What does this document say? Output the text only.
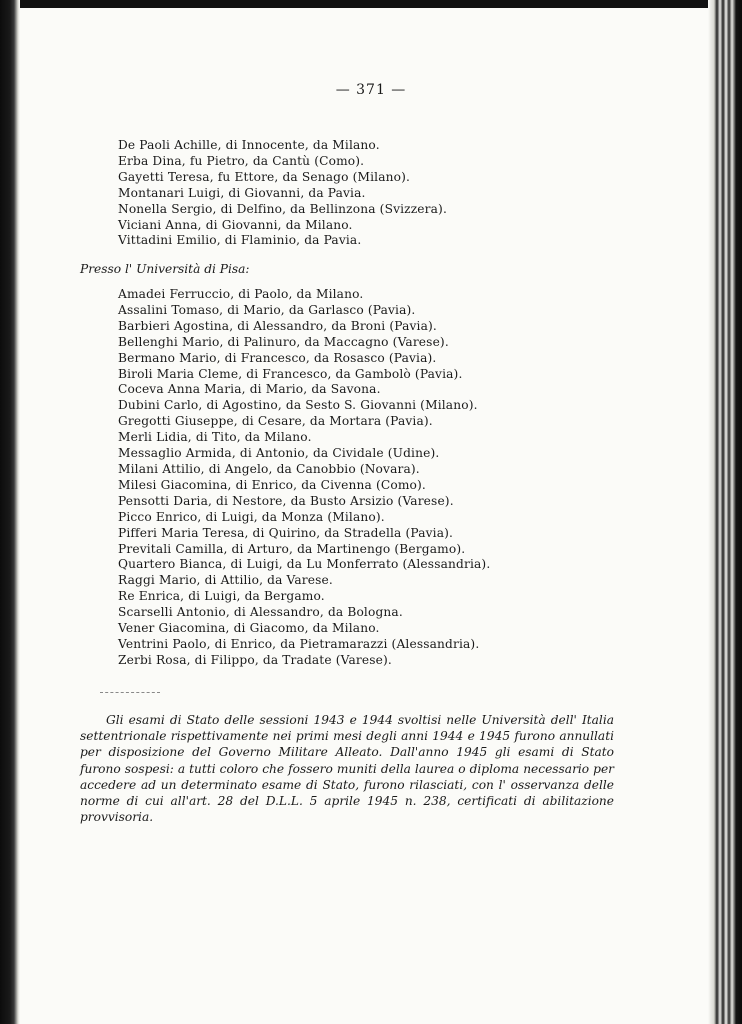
— 371 —
De Paoli Achille, di Innocente, da Milano.
Erba Dina, fu Pietro, da Cantù (Como).
Gayetti Teresa, fu Ettore, da Senago (Milano).
Montanari Luigi, di Giovanni, da Pavia.
Nonella Sergio, di Delfino, da Bellinzona (Svizzera).
Viciani Anna, di Giovanni, da Milano.
Vittadini Emilio, di Flaminio, da Pavia.
Presso l' Università di Pisa:
Amadei Ferruccio, di Paolo, da Milano.
Assalini Tomaso, di Mario, da Garlasco (Pavia).
Barbieri Agostina, di Alessandro, da Broni (Pavia).
Bellenghi Mario, di Palinuro, da Maccagno (Varese).
Bermano Mario, di Francesco, da Rosasco (Pavia).
Biroli Maria Cleme, di Francesco, da Gambolò (Pavia).
Coceva Anna Maria, di Mario, da Savona.
Dubini Carlo, di Agostino, da Sesto S. Giovanni (Milano).
Gregotti Giuseppe, di Cesare, da Mortara (Pavia).
Merli Lidia, di Tito, da Milano.
Messaglio Armida, di Antonio, da Cividale (Udine).
Milani Attilio, di Angelo, da Canobbio (Novara).
Milesi Giacomina, di Enrico, da Civenna (Como).
Pensotti Daria, di Nestore, da Busto Arsizio (Varese).
Picco Enrico, di Luigi, da Monza (Milano).
Pifferi Maria Teresa, di Quirino, da Stradella (Pavia).
Previtali Camilla, di Arturo, da Martinengo (Bergamo).
Quartero Bianca, di Luigi, da Lu Monferrato (Alessandria).
Raggi Mario, di Attilio, da Varese.
Re Enrica, di Luigi, da Bergamo.
Scarselli Antonio, di Alessandro, da Bologna.
Vener Giacomina, di Giacomo, da Milano.
Ventrini Paolo, di Enrico, da Pietramarazzi (Alessandria).
Zerbi Rosa, di Filippo, da Tradate (Varese).

Gli esami di Stato delle sessioni 1943 e 1944 svoltisi nelle Università dell' Italia settentrionale rispettivamente nei primi mesi degli anni 1944 e 1945 furono annullati per disposizione del Governo Militare Alleato. Dall'anno 1945 gli esami di Stato furono sospesi: a tutti coloro che fossero muniti della laurea o diploma necessario per accedere ad un determinato esame di Stato, furono rilasciati, con l' osservanza delle norme di cui all'art. 28 del D.L.L. 5 aprile 1945 n. 238, certificati di abilitazione provvisoria.
